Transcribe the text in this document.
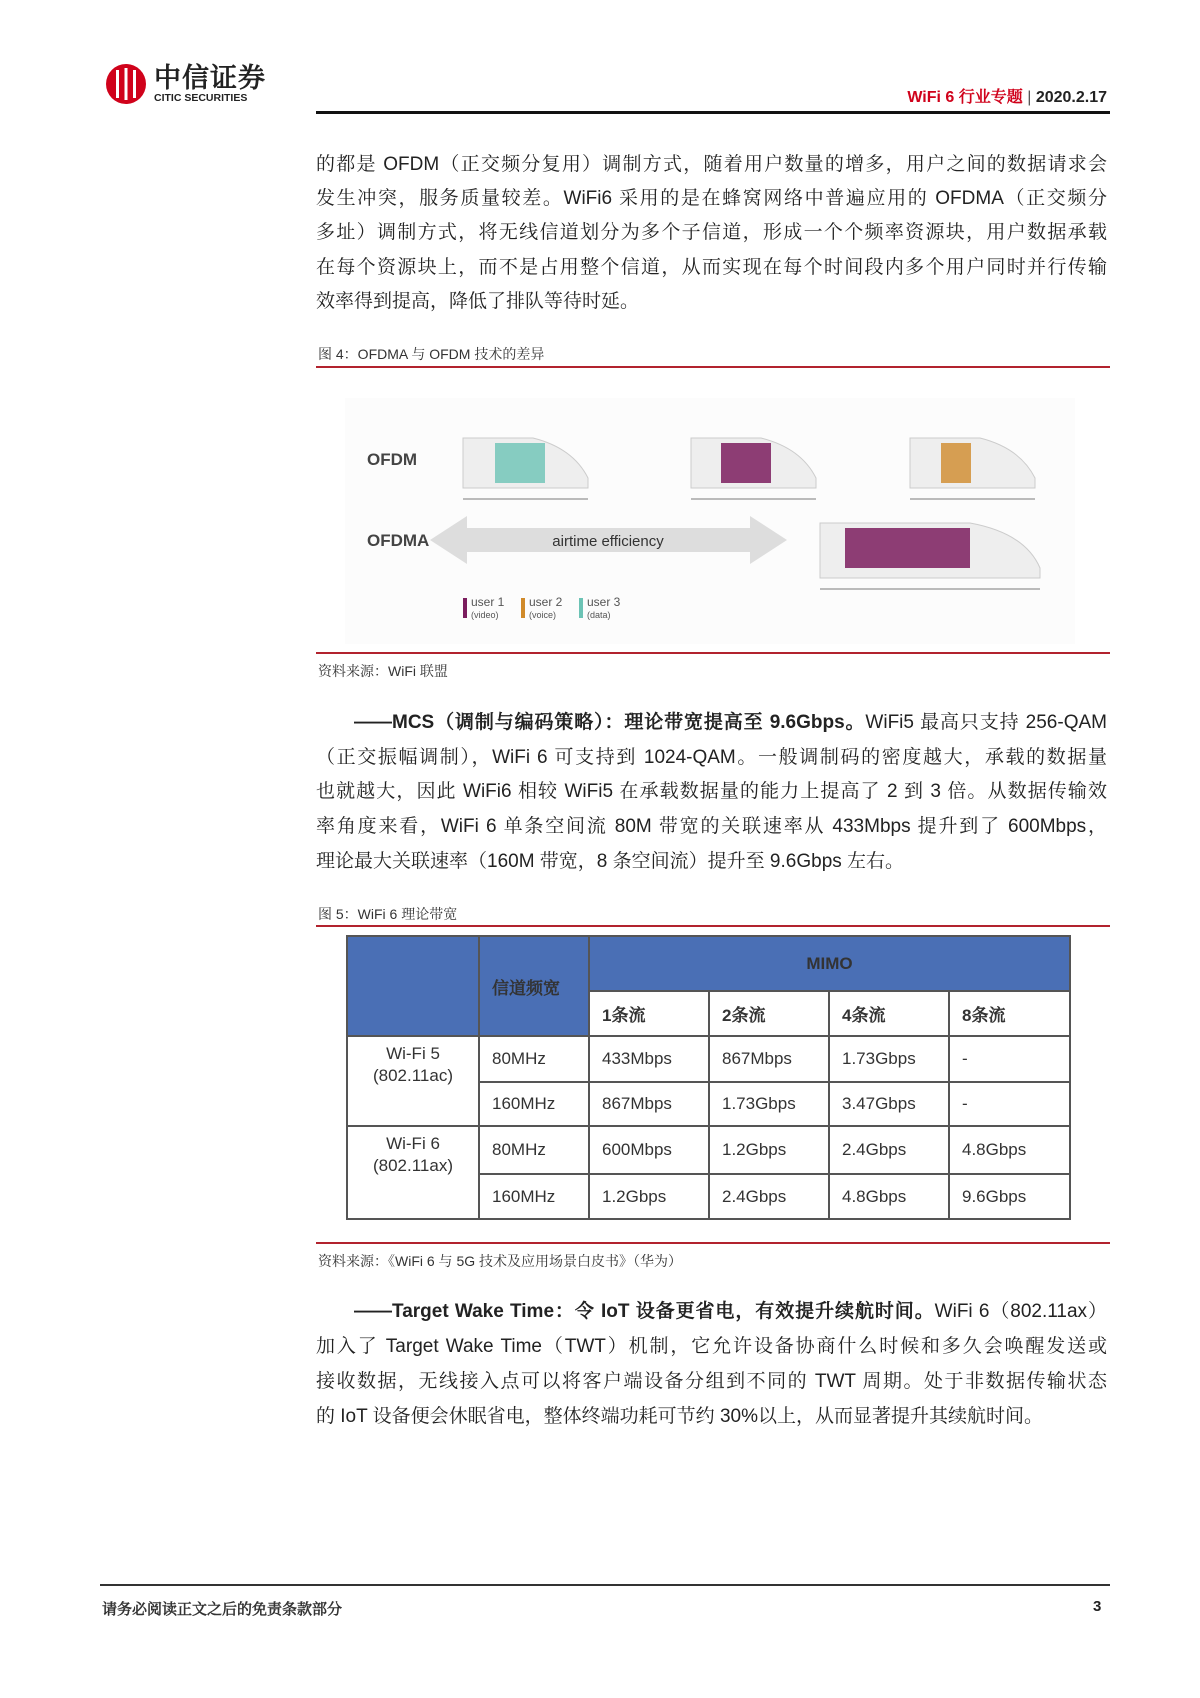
中信证券
CITIC SECURITIES	WiFi 6 行业专题 | 2020.2.17
的都是 OFDM（正交频分复用）调制方式，随着用户数量的增多，用户之间的数据请求会
发生冲突，服务质量较差。WiFi6 采用的是在蜂窝网络中普遍应用的 OFDMA（正交频分
多址）调制方式，将无线信道划分为多个子信道，形成一个个频率资源块，用户数据承载
在每个资源块上，而不是占用整个信道，从而实现在每个时间段内多个用户同时并行传输
效率得到提高，降低了排队等待时延。
图 4：OFDMA 与 OFDM 技术的差异
OFDM
OFDMA	airtime efficiency
user 1
(video)
user 2
(voice)
user 3
(data)
资料来源：WiFi 联盟
——MCS（调制与编码策略）：理论带宽提高至 9.6Gbps。WiFi5 最高只支持 256-QAM
（正交振幅调制），WiFi 6 可支持到 1024-QAM。一般调制码的密度越大，承载的数据量
也就越大，因此 WiFi6 相较 WiFi5 在承载数据量的能力上提高了 2 到 3 倍。从数据传输效
率角度来看，WiFi 6 单条空间流 80M 带宽的关联速率从 433Mbps 提升到了 600Mbps，
理论最大关联速率（160M 带宽，8 条空间流）提升至 9.6Gbps 左右。
图 5：WiFi 6 理论带宽
	信道频宽	MIMO			
		1条流	2条流	4条流	8条流

Wi-Fi 5
(802.11ac)	80MHz	433Mbps	867Mbps	1.73Gbps	-
	160MHz	867Mbps	1.73Gbps	3.47Gbps	-

Wi-Fi 6
(802.11ax)	80MHz	600Mbps	1.2Gbps	2.4Gbps	4.8Gbps
	160MHz	1.2Gbps	2.4Gbps	4.8Gbps	9.6Gbps
资料来源：《WiFi 6 与 5G 技术及应用场景白皮书》（华为）
——Target Wake Time：令 IoT 设备更省电，有效提升续航时间。WiFi 6（802.11ax）
加入了 Target Wake Time（TWT）机制，它允许设备协商什么时候和多久会唤醒发送或
接收数据，无线接入点可以将客户端设备分组到不同的 TWT 周期。处于非数据传输状态
的 IoT 设备便会休眠省电，整体终端功耗可节约 30%以上，从而显著提升其续航时间。
请务必阅读正文之后的免责条款部分	3
